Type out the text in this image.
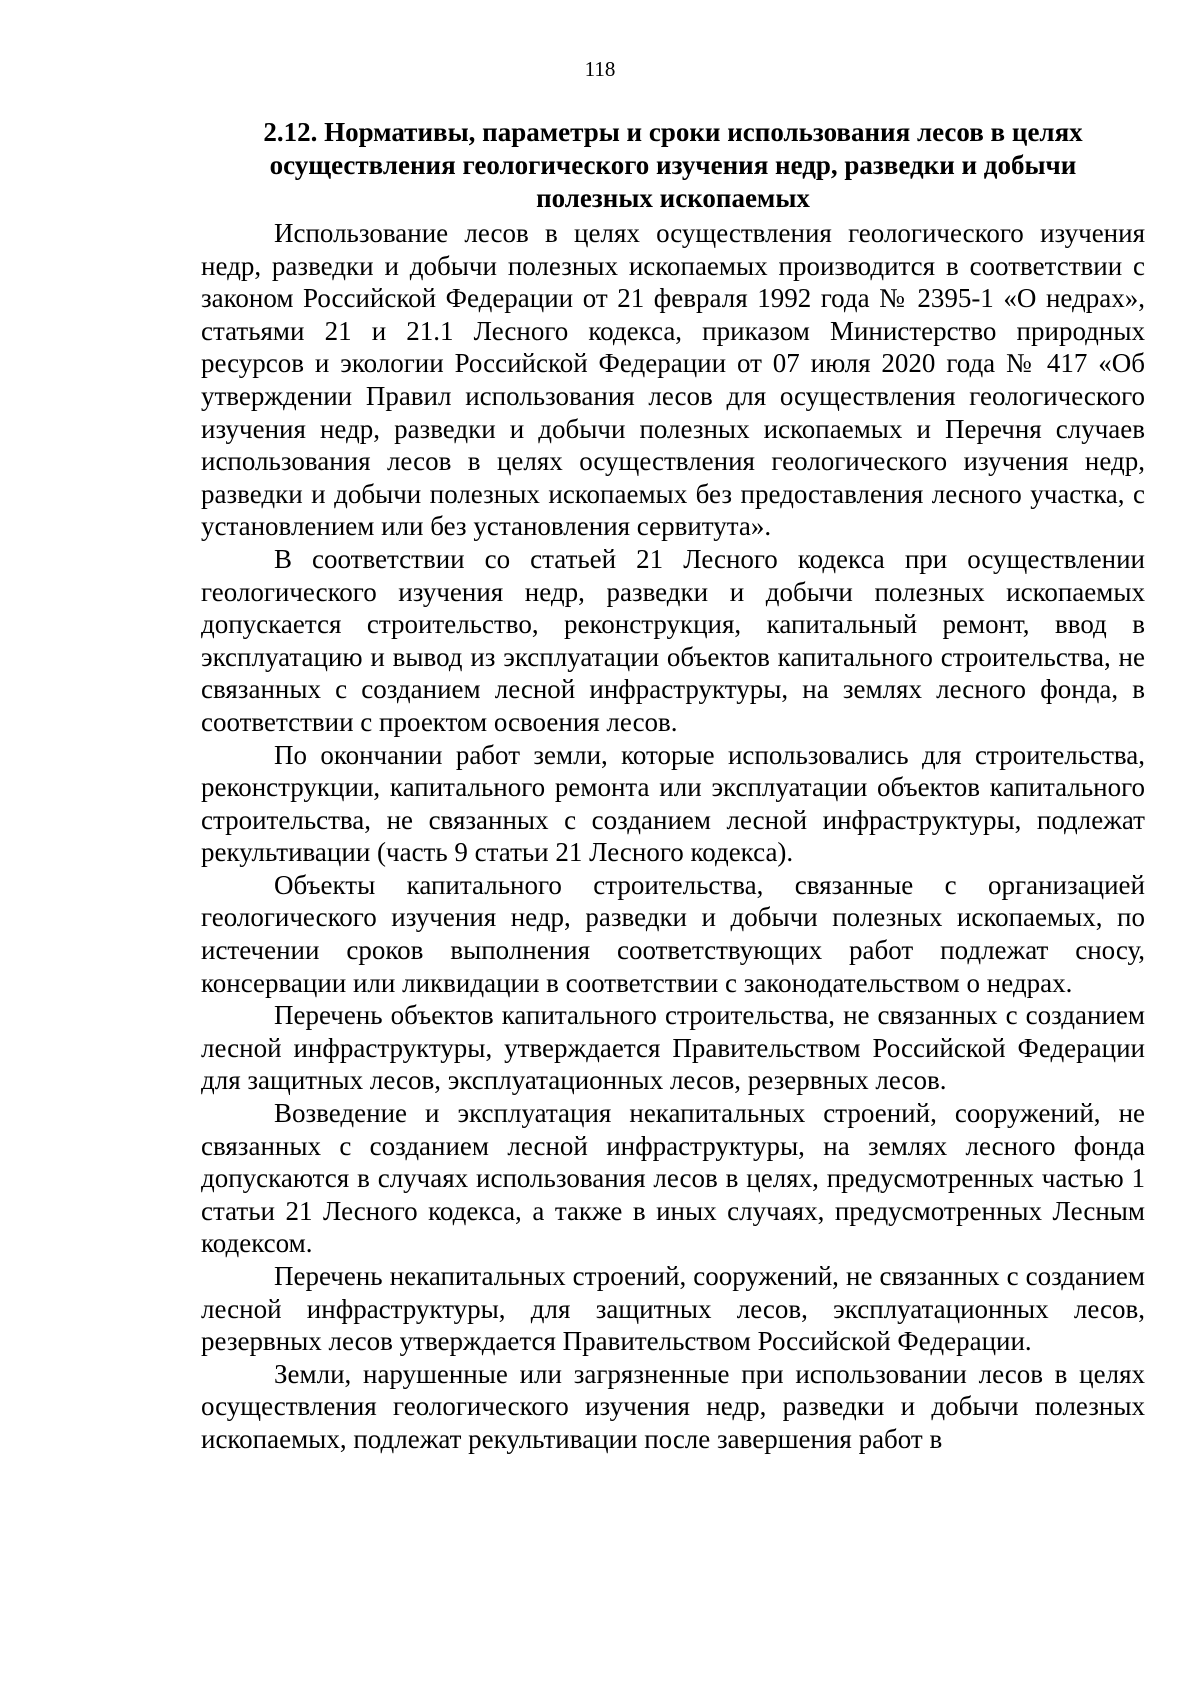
118
2.12. Нормативы, параметры и сроки использования лесов в целях
осуществления геологического изучения недр, разведки и добычи
полезных ископаемых

Использование лесов в целях осуществления геологического изучения недр, разведки и добычи полезных ископаемых производится в соответствии с законом Российской Федерации от 21 февраля 1992 года № 2395-1 «О недрах», статьями 21 и 21.1 Лесного кодекса, приказом Министерство природных ресурсов и экологии Российской Федерации от 07 июля 2020 года № 417 «Об утверждении Правил использования лесов для осуществления геологического изучения недр, разведки и добычи полезных ископаемых и Перечня случаев использования лесов в целях осуществления геологического изучения недр, разведки и добычи полезных ископаемых без предоставления лесного участка, с установлением или без установления сервитута».

В соответствии со статьей 21 Лесного кодекса при осуществлении геологического изучения недр, разведки и добычи полезных ископаемых допускается строительство, реконструкция, капитальный ремонт, ввод в эксплуатацию и вывод из эксплуатации объектов капитального строительства, не связанных с созданием лесной инфраструктуры, на землях лесного фонда, в соответствии с проектом освоения лесов.

По окончании работ земли, которые использовались для строительства, реконструкции, капитального ремонта или эксплуатации объектов капитального строительства, не связанных с созданием лесной инфраструктуры, подлежат рекультивации (часть 9 статьи 21 Лесного кодекса).

Объекты капитального строительства, связанные с организацией геологического изучения недр, разведки и добычи полезных ископаемых, по истечении сроков выполнения соответствующих работ подлежат сносу, консервации или ликвидации в соответствии с законодательством о недрах.

Перечень объектов капитального строительства, не связанных с созданием лесной инфраструктуры, утверждается Правительством Российской Федерации для защитных лесов, эксплуатационных лесов, резервных лесов.

Возведение и эксплуатация некапитальных строений, сооружений, не связанных с созданием лесной инфраструктуры, на землях лесного фонда допускаются в случаях использования лесов в целях, предусмотренных частью 1 статьи 21 Лесного кодекса, а также в иных случаях, предусмотренных Лесным кодексом.

Перечень некапитальных строений, сооружений, не связанных с созданием лесной инфраструктуры, для защитных лесов, эксплуатационных лесов, резервных лесов утверждается Правительством Российской Федерации.

Земли, нарушенные или загрязненные при использовании лесов в целях осуществления геологического изучения недр, разведки и добычи полезных ископаемых, подлежат рекультивации после завершения работ в
